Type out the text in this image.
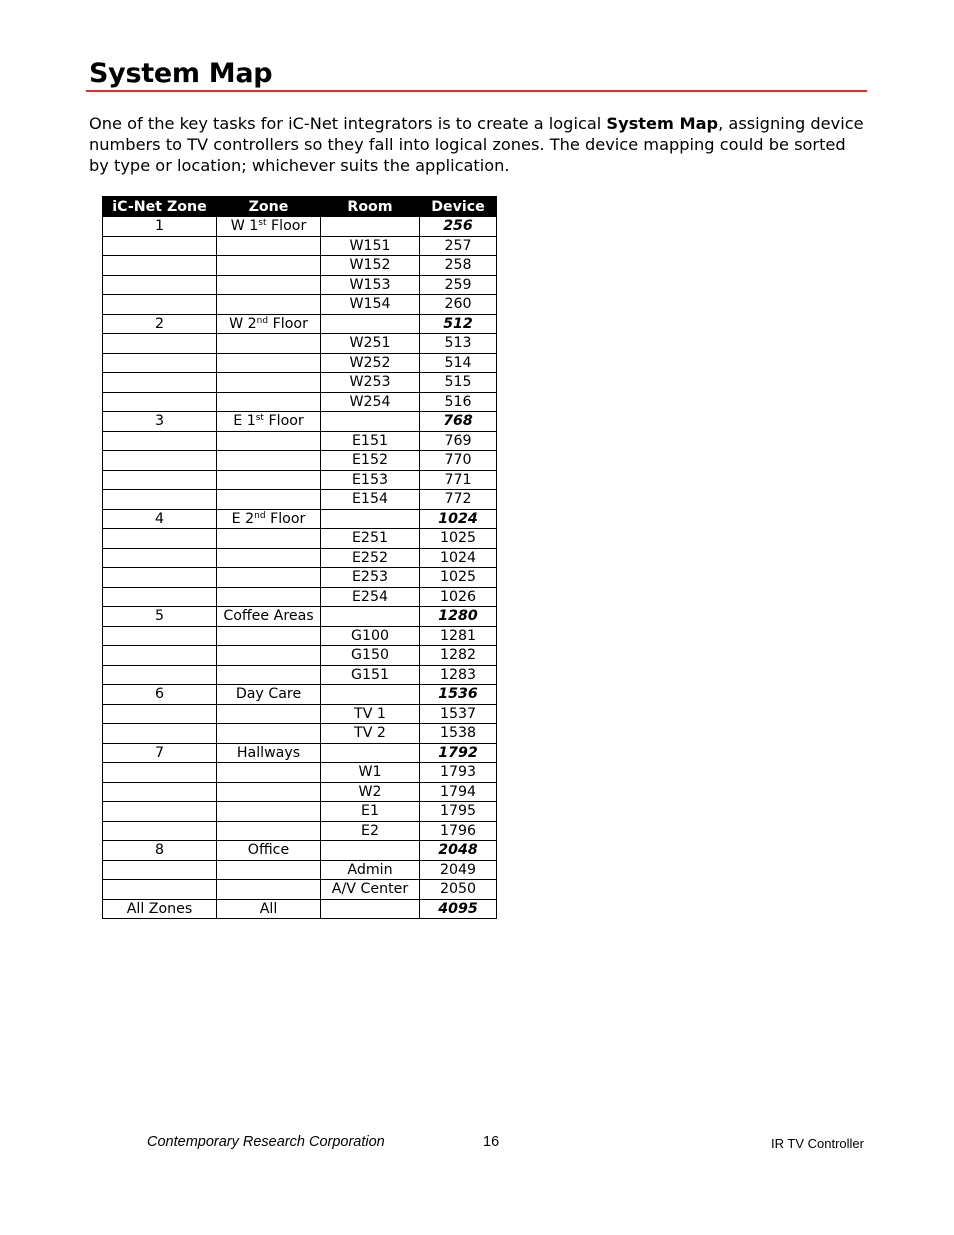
System Map

One of the key tasks for iC-Net integrators is to create a logical System Map, assigning device numbers to TV controllers so they fall into logical zones. The device mapping could be sorted by type or location; whichever suits the application.

iC-Net Zone	Zone	Room	Device
1	W 1st Floor		256
		W151	257
		W152	258
		W153	259
		W154	260
2	W 2nd Floor		512
		W251	513
		W252	514
		W253	515
		W254	516
3	E 1st Floor		768
		E151	769
		E152	770
		E153	771
		E154	772
4	E 2nd Floor		1024
		E251	1025
		E252	1024
		E253	1025
		E254	1026
5	Coffee Areas		1280
		G100	1281
		G150	1282
		G151	1283
6	Day Care		1536
		TV 1	1537
		TV 2	1538
7	Hallways		1792
		W1	1793
		W2	1794
		E1	1795
		E2	1796
8	Office		2048
		Admin	2049
		A/V Center	2050
All Zones	All		4095
Contemporary Research Corporation	16	IR TV Controller
